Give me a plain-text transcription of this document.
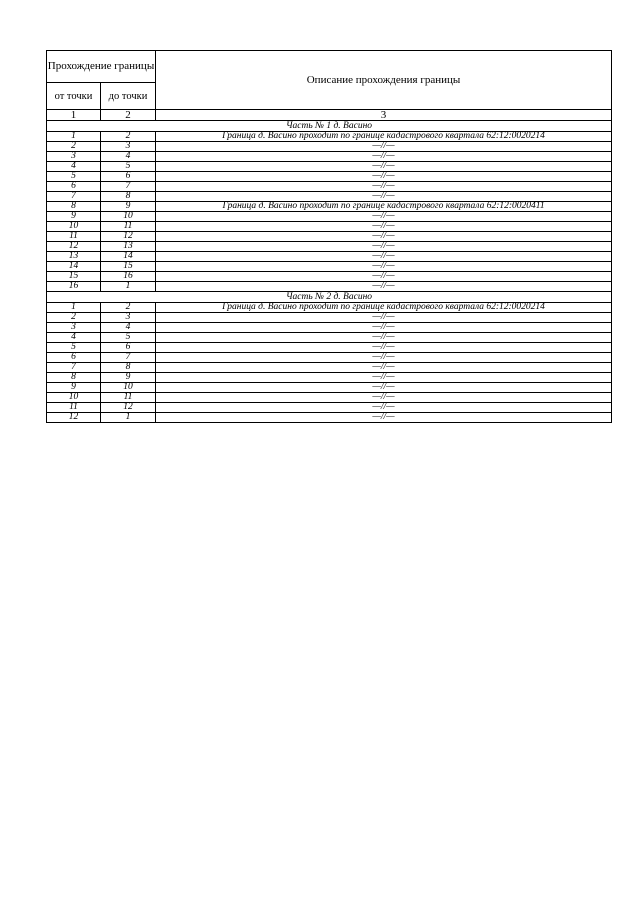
Прохождение границы		Описание прохождения границы
от точки	до точки	
1	2	3
Часть № 1 д. Васино		
1	2	Граница д. Васино проходит по границе кадастрового квартала 62:12:0020214
2	3	—//—
3	4	—//—
4	5	—//—
5	6	—//—
6	7	—//—
7	8	—//—
8	9	Граница д. Васино проходит по границе кадастрового квартала 62:12:0020411
9	10	—//—
10	11	—//—
11	12	—//—
12	13	—//—
13	14	—//—
14	15	—//—
15	16	—//—
16	1	—//—
Часть № 2 д. Васино		
1	2	Граница д. Васино проходит по границе кадастрового квартала 62:12:0020214
2	3	—//—
3	4	—//—
4	5	—//—
5	6	—//—
6	7	—//—
7	8	—//—
8	9	—//—
9	10	—//—
10	11	—//—
11	12	—//—
12	1	—//—
